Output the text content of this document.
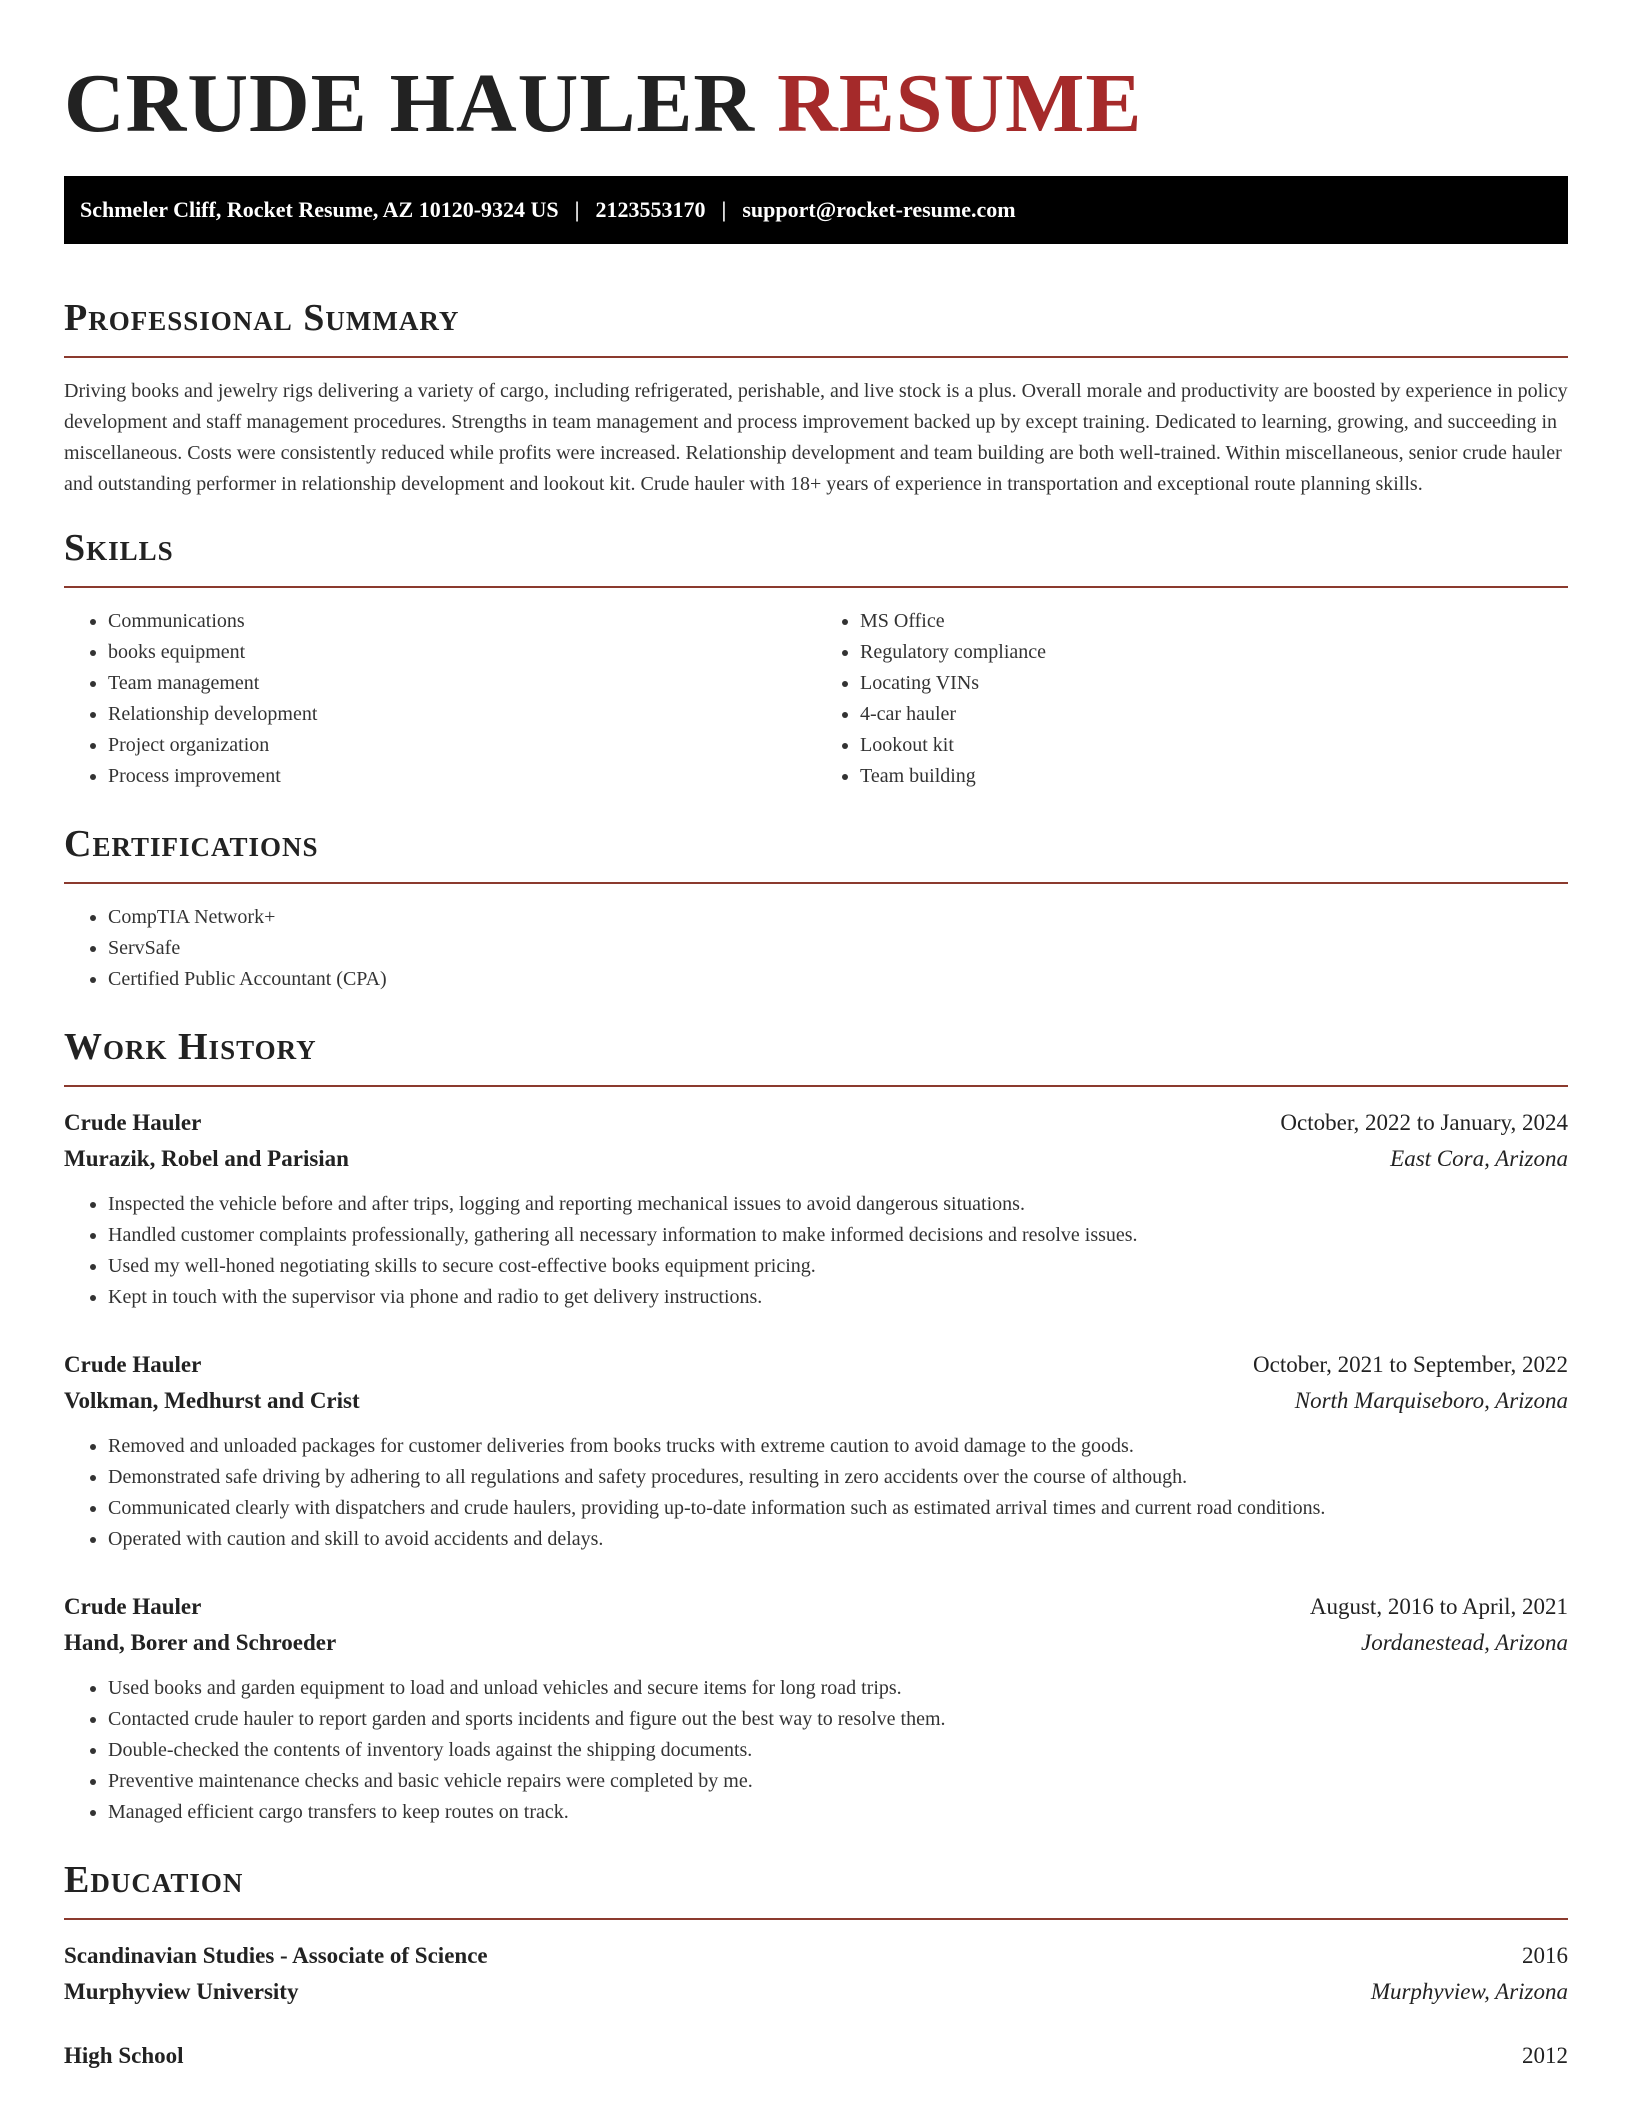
CRUDE HAULER RESUME
Schmeler Cliff, Rocket Resume, AZ 10120-9324 US | 2123553170 | support@rocket-resume.com
Professional Summary

Driving books and jewelry rigs delivering a variety of cargo, including refrigerated, perishable, and live stock is a plus. Overall morale and productivity are boosted by experience in policy development and staff management procedures. Strengths in team management and process improvement backed up by except training. Dedicated to learning, growing, and succeeding in miscellaneous. Costs were consistently reduced while profits were increased. Relationship development and team building are both well-trained. Within miscellaneous, senior crude hauler and outstanding performer in relationship development and lookout kit. Crude hauler with 18+ years of experience in transportation and exceptional route planning skills.

Skills
• Communications
• books equipment
• Team management
• Relationship development
• Project organization
• Process improvement
• MS Office
• Regulatory compliance
• Locating VINs
• 4-car hauler
• Lookout kit
• Team building
Certifications
• CompTIA Network+
• ServSafe
• Certified Public Accountant (CPA)
Work History
Crude Hauler	October, 2022 to January, 2024
Murazik, Robel and Parisian	East Cora, Arizona
• Inspected the vehicle before and after trips, logging and reporting mechanical issues to avoid dangerous situations.
• Handled customer complaints professionally, gathering all necessary information to make informed decisions and resolve issues.
• Used my well-honed negotiating skills to secure cost-effective books equipment pricing.
• Kept in touch with the supervisor via phone and radio to get delivery instructions.
Crude Hauler	October, 2021 to September, 2022
Volkman, Medhurst and Crist	North Marquiseboro, Arizona
• Removed and unloaded packages for customer deliveries from books trucks with extreme caution to avoid damage to the goods.
• Demonstrated safe driving by adhering to all regulations and safety procedures, resulting in zero accidents over the course of although.
• Communicated clearly with dispatchers and crude haulers, providing up-to-date information such as estimated arrival times and current road conditions.
• Operated with caution and skill to avoid accidents and delays.
Crude Hauler	August, 2016 to April, 2021
Hand, Borer and Schroeder	Jordanestead, Arizona
• Used books and garden equipment to load and unload vehicles and secure items for long road trips.
• Contacted crude hauler to report garden and sports incidents and figure out the best way to resolve them.
• Double-checked the contents of inventory loads against the shipping documents.
• Preventive maintenance checks and basic vehicle repairs were completed by me.
• Managed efficient cargo transfers to keep routes on track.
Education
Scandinavian Studies - Associate of Science	2016
Murphyview University	Murphyview, Arizona
High School	2012
